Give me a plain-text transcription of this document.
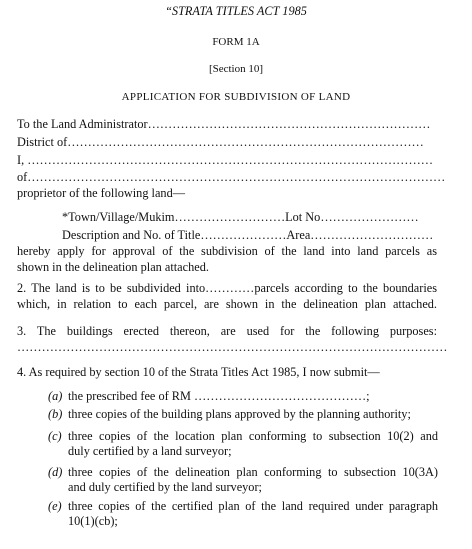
“STRATA TITLES ACT 1985
FORM 1A
[Section 10]
APPLICATION FOR SUBDIVISION OF LAND
To the Land Administrator……………………………………………………………
District of……………………………………………………………………………
I, ………………………………………………………………………………………
of…………………………………………………………………………………………
proprietor of the following land—
*Town/Village/Mukim………………………Lot No……………………
Description and No. of Title…………………Area…………………………
hereby apply for approval of the subdivision of the land into land parcels as
shown in the delineation plan attached.
2. The land is to be subdivided into…………parcels according to the boundaries
which, in relation to each parcel, are shown in the delineation plan attached.
3. The buildings erected thereon, are used for the following purposes:
……………………………………………………………………………………………
4. As required by section 10 of the Strata Titles Act 1985, I now submit—
(a) the prescribed fee of RM ……………………………………;
(b) three copies of the building plans approved by the planning authority;
(c) three copies of the location plan conforming to subsection 10(2) and
duly certified by a land surveyor;
(d) three copies of the delineation plan conforming to subsection 10(3A)
and duly certified by the land surveyor;
(e) three copies of the certified plan of the land required under paragraph
10(1)(cb);
